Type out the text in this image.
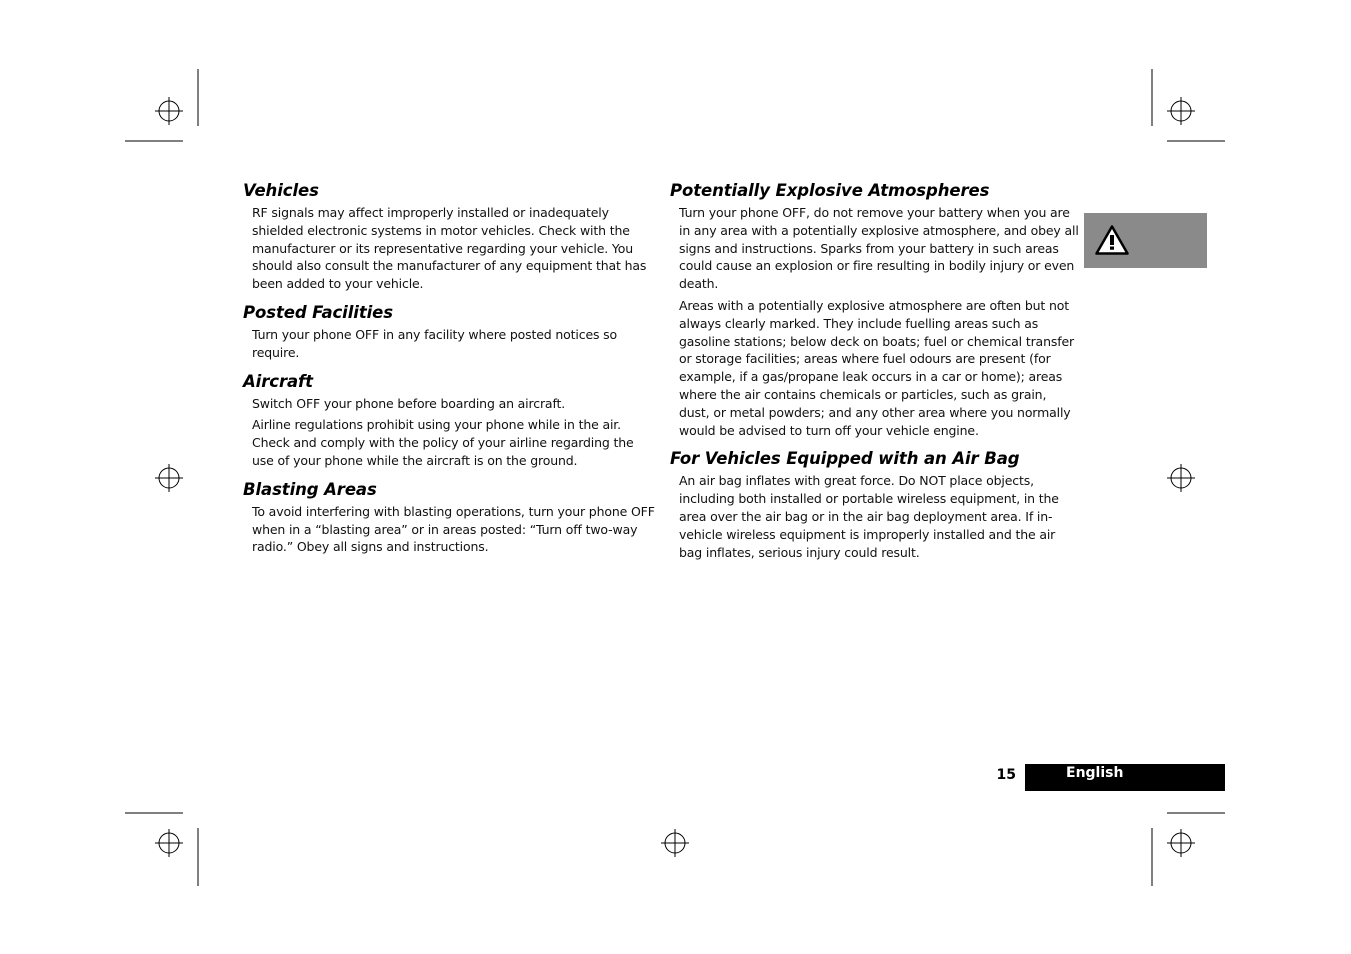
Vehicles

RF signals may affect improperly installed or inadequately shielded electronic systems in motor vehicles. Check with the manufacturer or its representative regarding your vehicle. You should also consult the manufacturer of any equipment that has been added to your vehicle.

Posted Facilities

Turn your phone OFF in any facility where posted notices so require.

Aircraft

Switch OFF your phone before boarding an aircraft.

Airline regulations prohibit using your phone while in the air. Check and comply with the policy of your airline regarding the use of your phone while the aircraft is on the ground.

Blasting Areas

To avoid interfering with blasting operations, turn your phone OFF when in a “blasting area” or in areas posted: “Turn off two-way radio.” Obey all signs and instructions.

Potentially Explosive Atmospheres

Turn your phone OFF, do not remove your battery when you are in any area with a potentially explosive atmosphere, and obey all signs and instructions. Sparks from your battery in such areas could cause an explosion or fire resulting in bodily injury or even death.

Areas with a potentially explosive atmosphere are often but not always clearly marked. They include fuelling areas such as gasoline stations; below deck on boats; fuel or chemical transfer or storage facilities; areas where fuel odours are present (for example, if a gas/propane leak occurs in a car or home); areas where the air contains chemicals or particles, such as grain, dust, or metal powders; and any other area where you normally would be advised to turn off your vehicle engine.

For Vehicles Equipped with an Air Bag

An air bag inflates with great force. Do NOT place objects, including both installed or portable wireless equipment, in the area over the air bag or in the air bag deployment area. If in-vehicle wireless equipment is improperly installed and the air bag inflates, serious injury could result.

15	English
